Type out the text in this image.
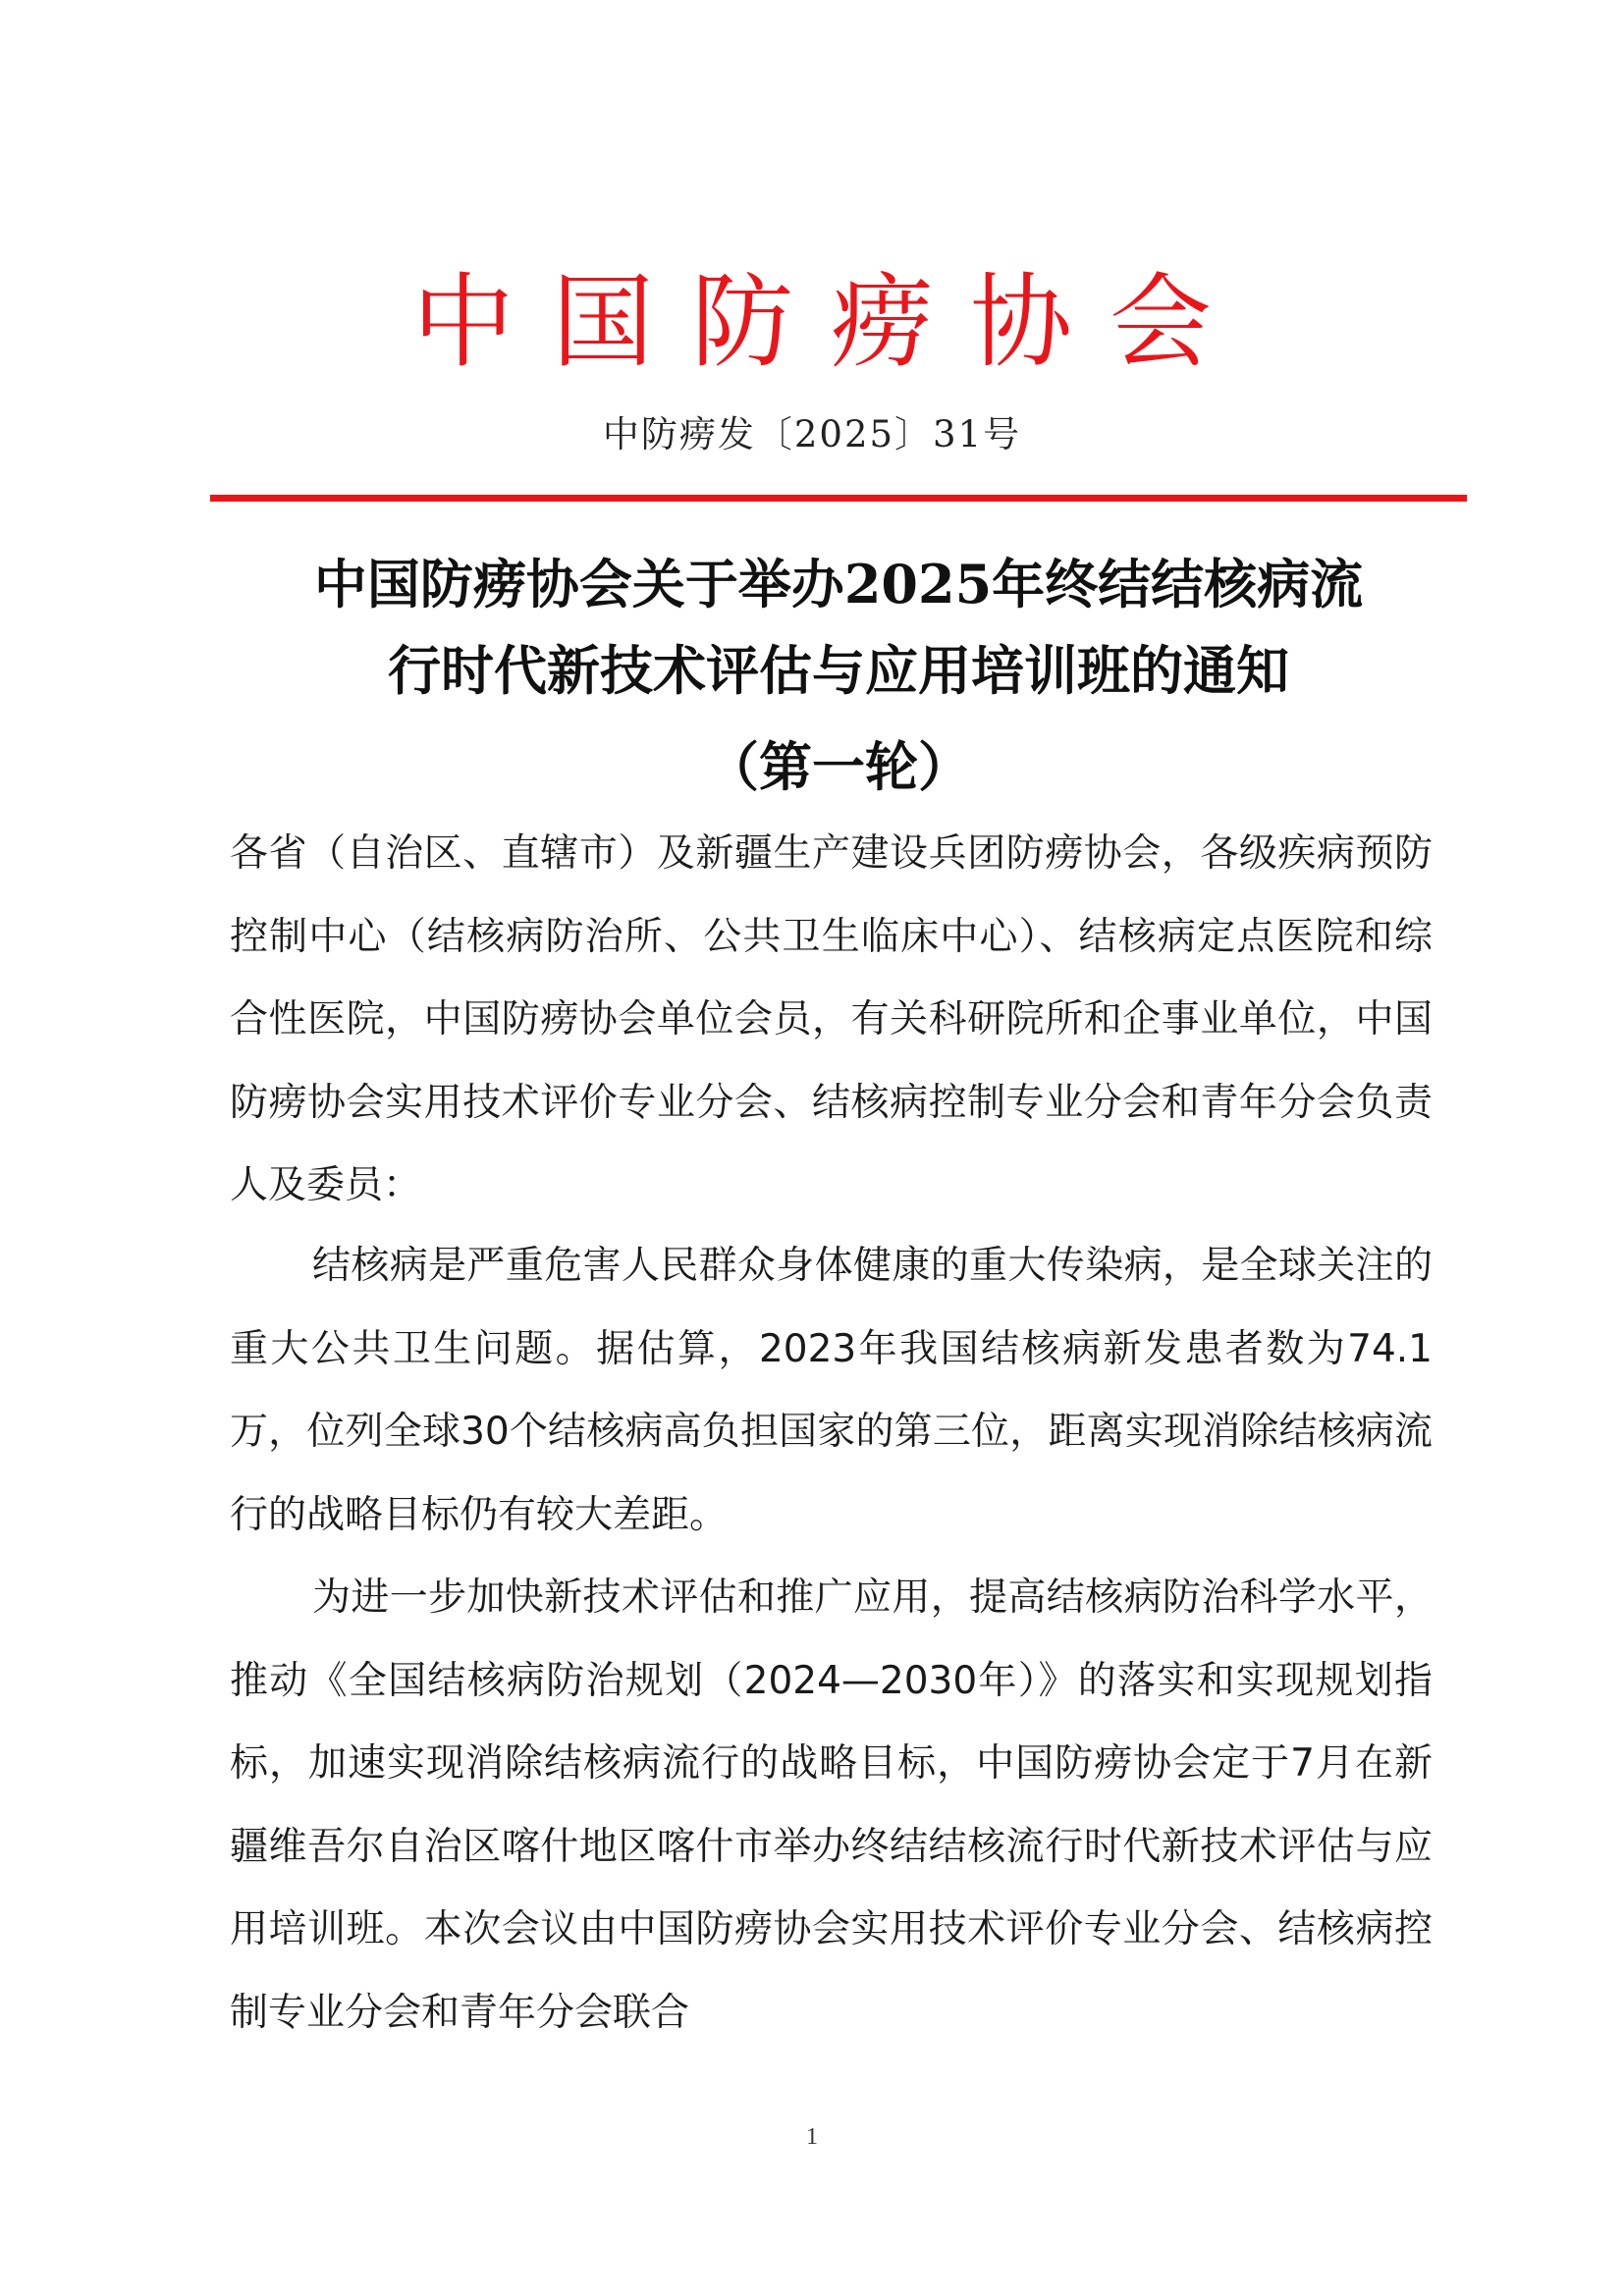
中国防痨协会
中防痨发〔2025〕31号
中国防痨协会关于举办2025年终结结核病流
行时代新技术评估与应用培训班的通知
（第一轮）

各省（自治区、直辖市）及新疆生产建设兵团防痨协会，各级疾病预防控制中心（结核病防治所、公共卫生临床中心）、结核病定点医院和综合性医院，中国防痨协会单位会员，有关科研院所和企事业单位，中国防痨协会实用技术评价专业分会、结核病控制专业分会和青年分会负责人及委员：

结核病是严重危害人民群众身体健康的重大传染病，是全球关注的重大公共卫生问题。据估算，2023年我国结核病新发患者数为74.1万，位列全球30个结核病高负担国家的第三位，距离实现消除结核病流行的战略目标仍有较大差距。

为进一步加快新技术评估和推广应用，提高结核病防治科学水平，推动《全国结核病防治规划（2024—2030年）》的落实和实现规划指标，加速实现消除结核病流行的战略目标，中国防痨协会定于7月在新疆维吾尔自治区喀什地区喀什市举办终结结核流行时代新技术评估与应用培训班。本次会议由中国防痨协会实用技术评价专业分会、结核病控制专业分会和青年分会联合

1
